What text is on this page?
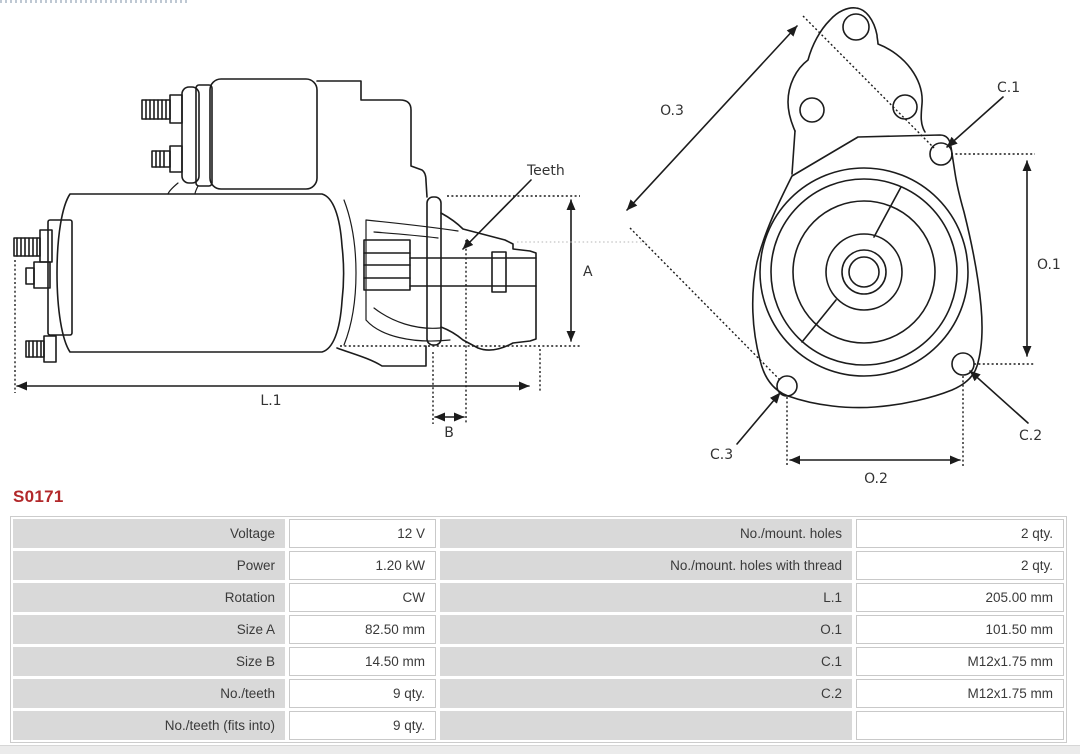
L.1
A
B
Teeth
O.3
O.1
O.2
C.1
C.2
C.3
S0171
Voltage	12 V	No./mount. holes	2 qty.
Power	1.20 kW	No./mount. holes with thread	2 qty.
Rotation	CW	L.1	205.00 mm
Size A	82.50 mm	O.1	101.50 mm
Size B	14.50 mm	C.1	M12x1.75 mm
No./teeth	9 qty.	C.2	M12x1.75 mm
No./teeth (fits into)	9 qty.
